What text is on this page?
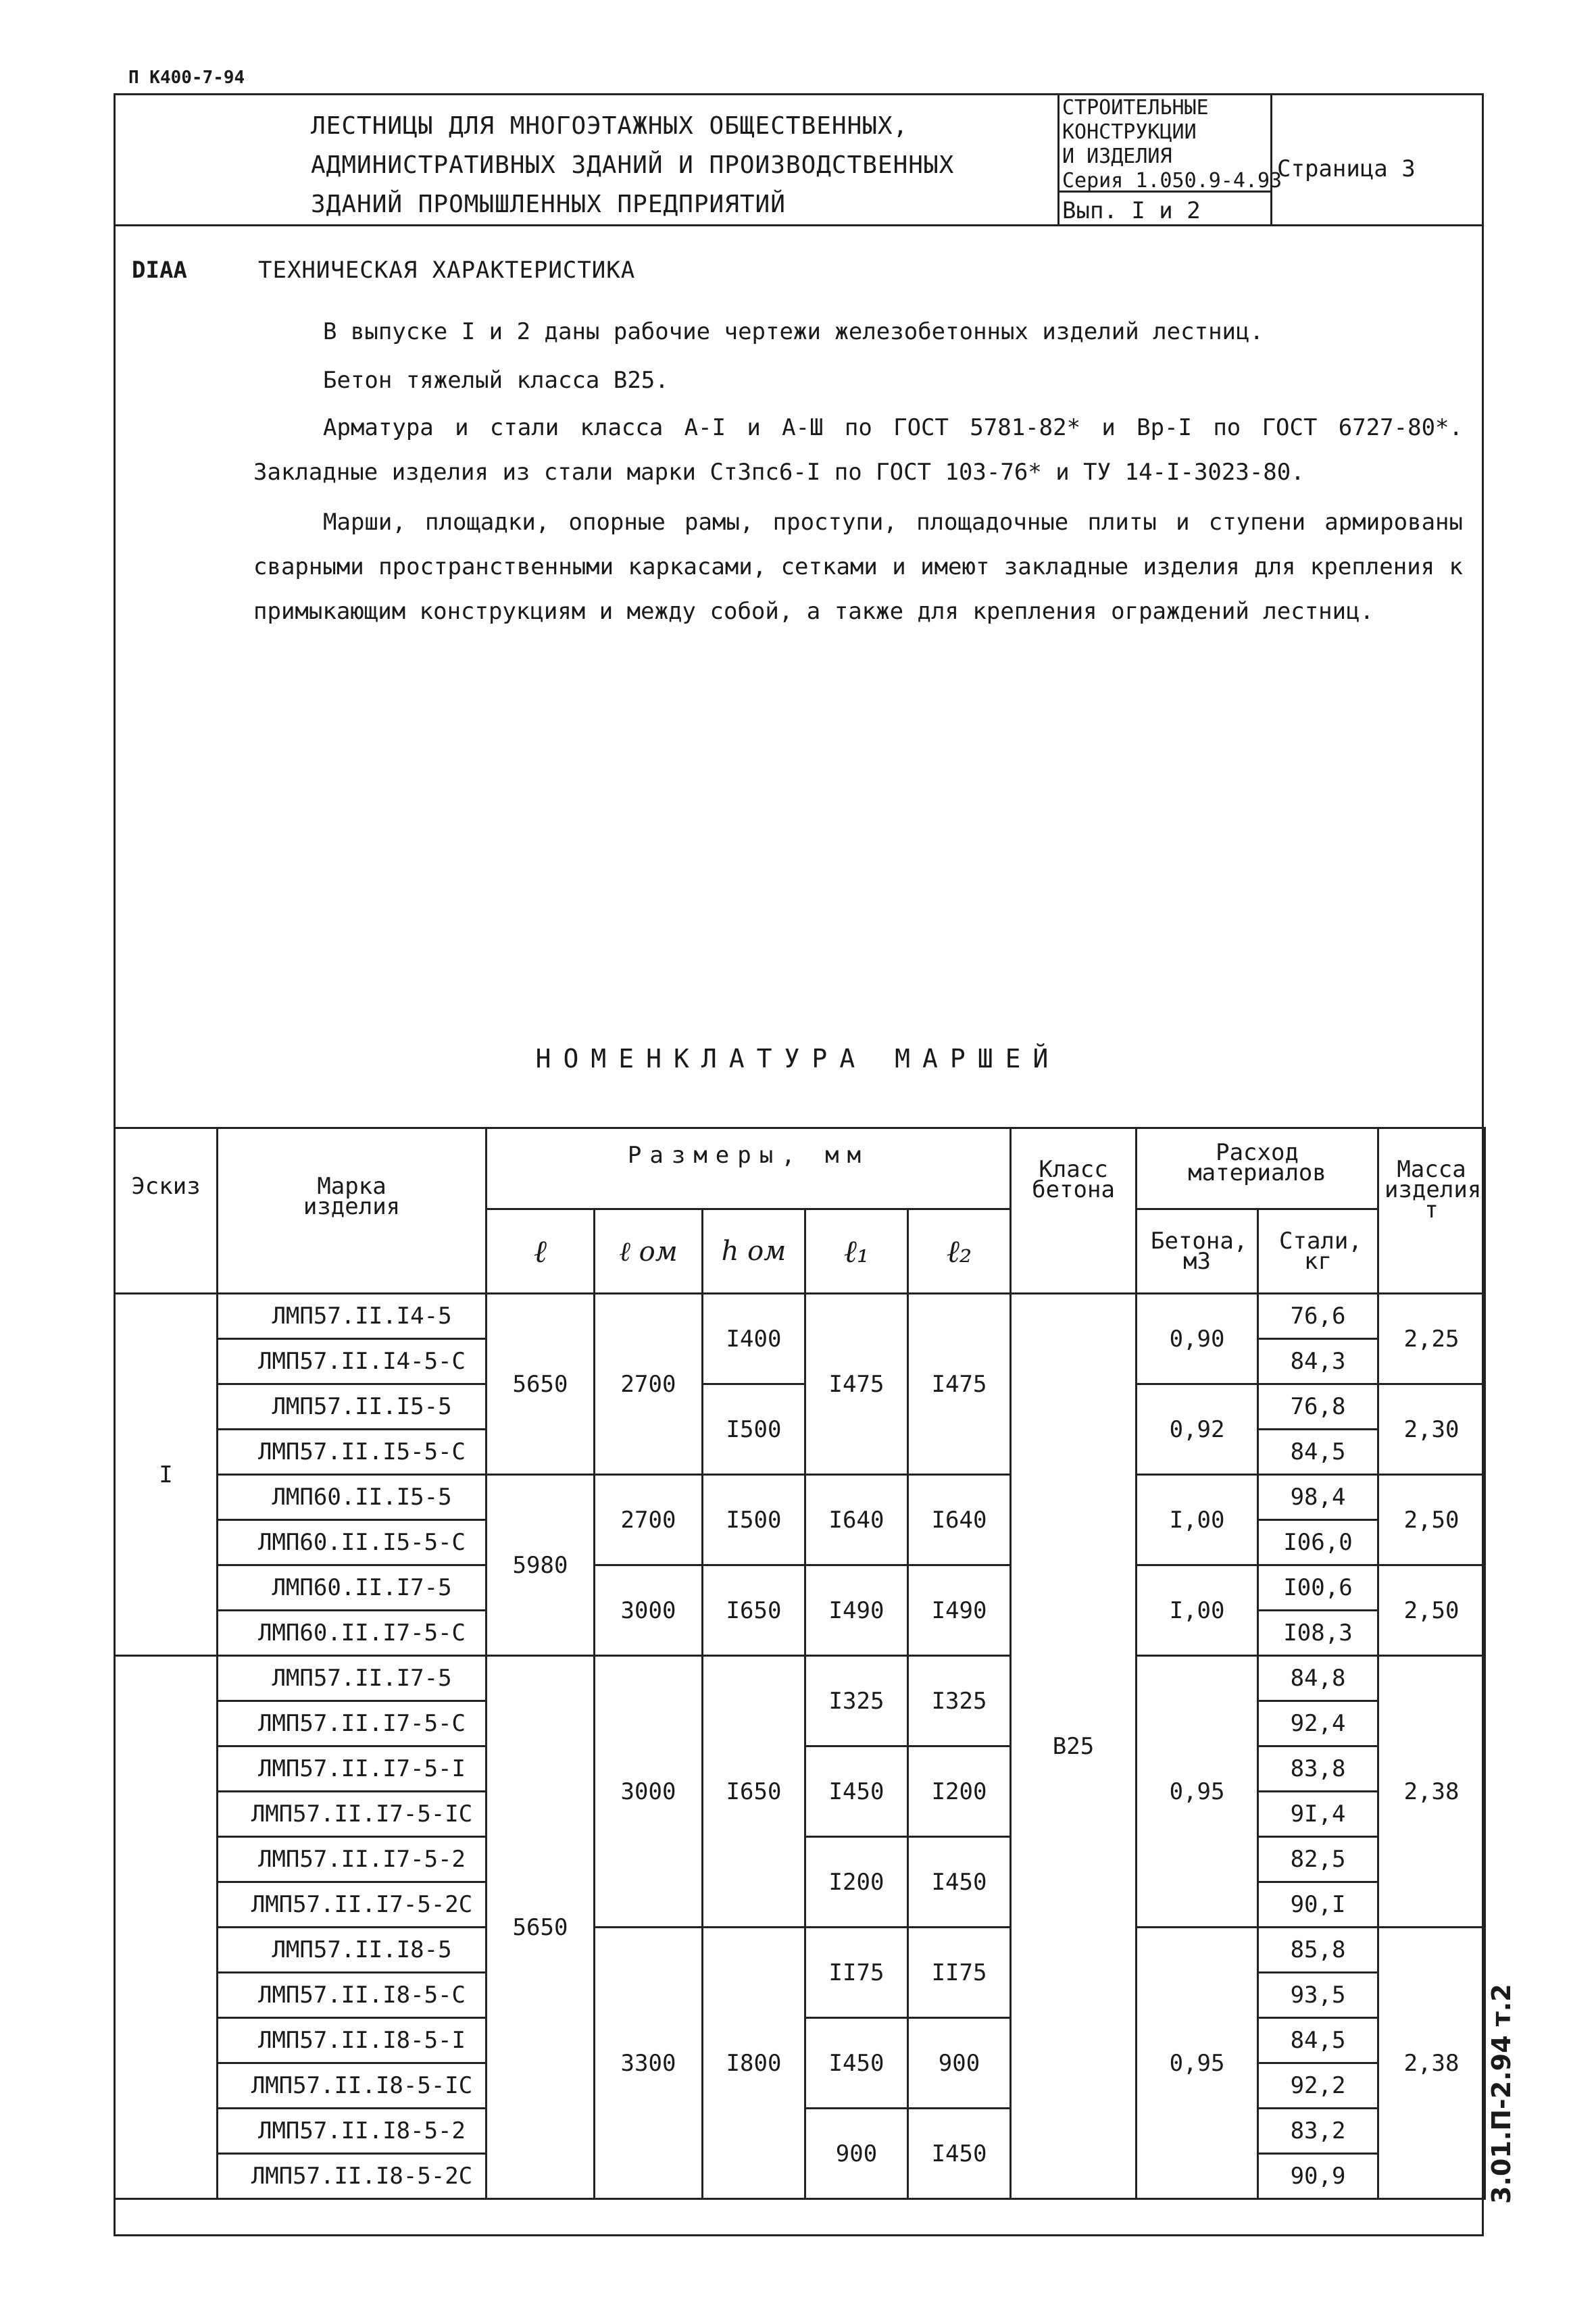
П К400-7-94
ЛЕСТНИЦЫ ДЛЯ МНОГОЭТАЖНЫХ ОБЩЕСТВЕННЫХ,
АДМИНИСТРАТИВНЫХ ЗДАНИЙ И ПРОИЗВОДСТВЕННЫХ
ЗДАНИЙ ПРОМЫШЛЕННЫХ ПРЕДПРИЯТИЙ
СТРОИТЕЛЬНЫЕ
КОНСТРУКЦИИ
И ИЗДЕЛИЯ
Серия 1.050.9-4.93
Страница 3
Вып. I и 2
DIAA	ТЕХНИЧЕСКАЯ ХАРАКТЕРИСТИКА
В выпуске I и 2 даны рабочие чертежи железобетонных изделий лестниц.
Бетон тяжелый класса В25.
Арматура и стали класса А-I и А-Ш по ГОСТ 5781-82* и Вр-I по ГОСТ 6727-80*. Закладные изделия из стали марки Ст3пс6-I по ГОСТ 103-76* и ТУ 14-I-3023-80.
Марши, площадки, опорные рамы, проступи, площадочные плиты и ступени армированы сварными пространственными каркасами, сетками и имеют закладные изделия для крепления к примыкающим конструкциям и между собой, а также для крепления ограждений лестниц.
НОМЕНКЛАТУРА МАРШЕЙ
Эскиз	Марка изделия	Размеры, мм					Класс бетона	Расход материалов		Масса изделия т
		ℓ	ℓ ом	h ом	ℓ₁	ℓ₂		Бетона, м3	Стали, кг	
I	ЛМП57.II.I4-5	5650	2700	I400	I475	I475	В25	0,90	76,6	2,25
	ЛМП57.II.I4-5-С								84,3	
	ЛМП57.II.I5-5			I500				0,92	76,8	2,30
	ЛМП57.II.I5-5-С								84,5	
	ЛМП60.II.I5-5	5980	2700	I500	I640	I640		I,00	98,4	2,50
	ЛМП60.II.I5-5-С								I06,0	
	ЛМП60.II.I7-5		3000	I650	I490	I490		I,00	I00,6	2,50
	ЛМП60.II.I7-5-С								I08,3	
	ЛМП57.II.I7-5	5650	3000	I650	I325	I325		0,95	84,8	2,38
	ЛМП57.II.I7-5-С								92,4	
	ЛМП57.II.I7-5-I				I450	I200			83,8	
	ЛМП57.II.I7-5-IС								9I,4	
	ЛМП57.II.I7-5-2				I200	I450			82,5	
	ЛМП57.II.I7-5-2С								90,I	
	ЛМП57.II.I8-5		3300	I800	II75	II75		0,95	85,8	2,38
	ЛМП57.II.I8-5-С								93,5	
	ЛМП57.II.I8-5-I				I450	900			84,5	
	ЛМП57.II.I8-5-IС								92,2	
	ЛМП57.II.I8-5-2				900	I450			83,2	
	ЛМП57.II.I8-5-2С								90,9		3.01.П-2.94 т.2
